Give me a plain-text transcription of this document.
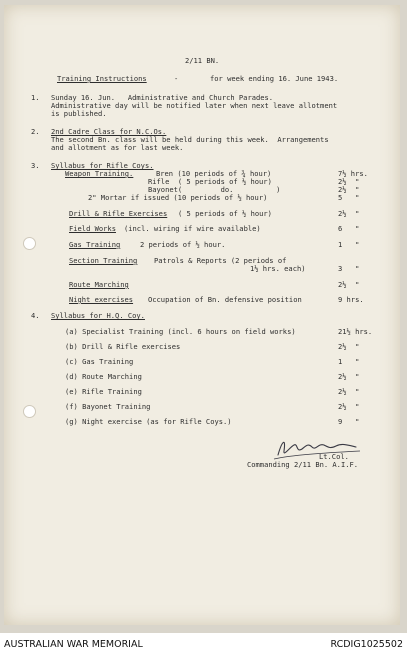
2/11 BN.
Training Instructions	-	for week ending 16. June 1943.
1. Sunday 16. Jun.   Administrative and Church Parades.
Administrative day will be notified later when next leave allotment
is published.
2. 2nd Cadre Class for N.C.Os.
The second Bn. class will be held during this week.  Arrangements
and allotment as for last week.
3. Syllabus for Rifle Coys.
Weapon Training.	Bren (10 periods of ¾ hour)	7½ hrs.
Rifle  ( 5 periods of ½ hour)	2½  "
Bayonet(         do.          )	2½  "
2" Mortar if issued (10 periods of ½ hour)	5   "
Drill & Rifle Exercises ( 5 periods of ½ hour)	2½  "
Field Works (incl. wiring if wire available)	6   "
Gas Training	2 periods of ½ hour.	1   "
Section Training Patrols & Reports (2 periods of
1½ hrs. each)	3   "
Route Marching	2½  "
Night exercises Occupation of Bn. defensive position	9 hrs.
4. Syllabus for H.Q. Coy.
(a) Specialist Training (incl. 6 hours on field works)	21½ hrs.
(b) Drill & Rifle exercises	2½  "
(c) Gas Training	1   "
(d) Route Marching	2½  "
(e) Rifle Training	2½  "
(f) Bayonet Training	2½  "
(g) Night exercise (as for Rifle Coys.)	9   "
Lt.Col.
Commanding 2/11 Bn. A.I.F.
AUSTRALIAN WAR MEMORIAL	RCDIG1025502
